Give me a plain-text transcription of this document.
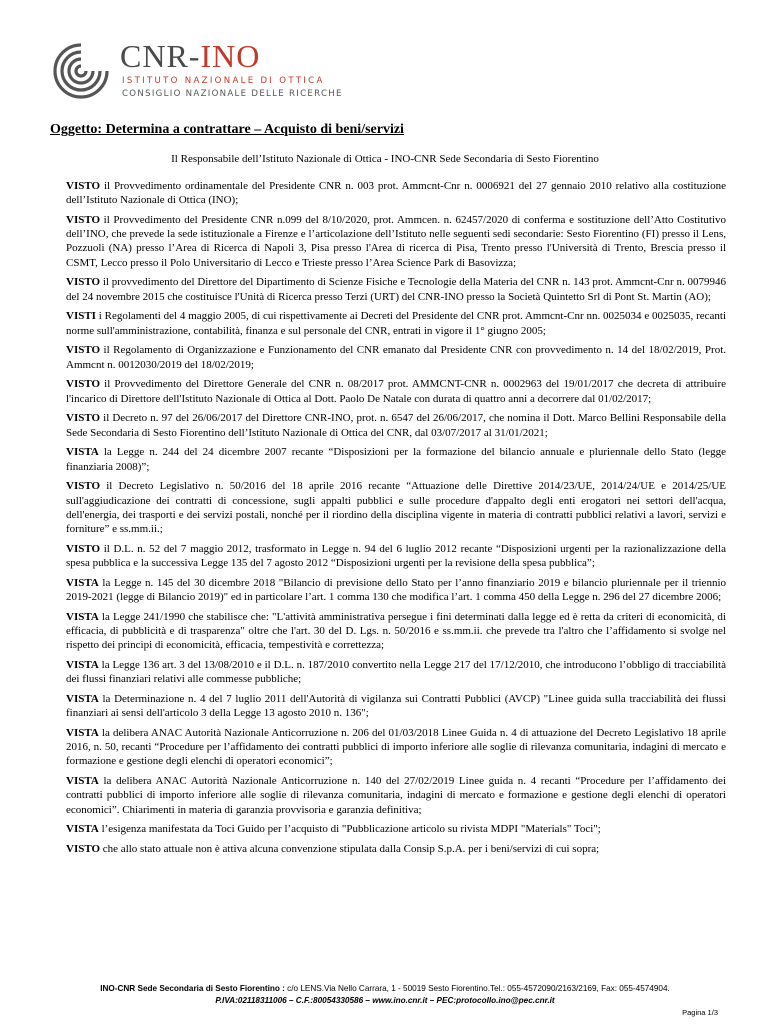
CNR-INO
ISTITUTO NAZIONALE DI OTTICA
CONSIGLIO NAZIONALE DELLE RICERCHE
Oggetto: Determina a contrattare – Acquisto di beni/servizi
Il Responsabile dell’Istituto Nazionale di Ottica - INO-CNR Sede Secondaria di Sesto Fiorentino

VISTO il Provvedimento ordinamentale del Presidente CNR n. 003 prot. Ammcnt-Cnr n. 0006921 del 27 gennaio 2010 relativo alla costituzione dell’Istituto Nazionale di Ottica (INO);

VISTO il Provvedimento del Presidente CNR n.099 del 8/10/2020, prot. Ammcen. n. 62457/2020 di conferma e sostituzione dell’Atto Costitutivo dell’INO, che prevede la sede istituzionale a Firenze e l’articolazione dell’Istituto nelle seguenti sedi secondarie: Sesto Fiorentino (FI) presso il Lens, Pozzuoli (NA) presso l’Area di Ricerca di Napoli 3, Pisa presso l'Area di ricerca di Pisa, Trento presso l'Università di Trento, Brescia presso il CSMT, Lecco presso il Polo Universitario di Lecco e Trieste presso l’Area Science Park di Basovizza;

VISTO il provvedimento del Direttore del Dipartimento di Scienze Fisiche e Tecnologie della Materia del CNR n. 143 prot. Ammcnt-Cnr n. 0079946 del 24 novembre 2015 che costituisce l'Unità di Ricerca presso Terzi (URT) del CNR-INO presso la Società Quintetto Srl di Pont St. Martin (AO);

VISTI i Regolamenti del 4 maggio 2005, di cui rispettivamente ai Decreti del Presidente del CNR prot. Ammcnt-Cnr nn. 0025034 e 0025035, recanti norme sull'amministrazione, contabilità, finanza e sul personale del CNR, entrati in vigore il 1° giugno 2005;

VISTO il Regolamento di Organizzazione e Funzionamento del CNR emanato dal Presidente CNR con provvedimento n. 14 del 18/02/2019, Prot. Ammcnt n. 0012030/2019 del 18/02/2019;

VISTO il Provvedimento del Direttore Generale del CNR n. 08/2017 prot. AMMCNT-CNR n. 0002963 del 19/01/2017 che decreta di attribuire l'incarico di Direttore dell'Istituto Nazionale di Ottica al Dott. Paolo De Natale con durata di quattro anni a decorrere dal 01/02/2017;

VISTO il Decreto n. 97 del 26/06/2017 del Direttore CNR-INO, prot. n. 6547 del 26/06/2017, che nomina il Dott. Marco Bellini Responsabile della Sede Secondaria di Sesto Fiorentino dell’Istituto Nazionale di Ottica del CNR, dal 03/07/2017 al 31/01/2021;

VISTA la Legge n. 244 del 24 dicembre 2007 recante “Disposizioni per la formazione del bilancio annuale e pluriennale dello Stato (legge finanziaria 2008)”;

VISTO il Decreto Legislativo n. 50/2016 del 18 aprile 2016 recante “Attuazione delle Direttive 2014/23/UE, 2014/24/UE e 2014/25/UE sull'aggiudicazione dei contratti di concessione, sugli appalti pubblici e sulle procedure d'appalto degli enti erogatori nei settori dell'acqua, dell'energia, dei trasporti e dei servizi postali, nonché per il riordino della disciplina vigente in materia di contratti pubblici relativi a lavori, servizi e forniture” e ss.mm.ii.;

VISTO il D.L. n. 52 del 7 maggio 2012, trasformato in Legge n. 94 del 6 luglio 2012 recante “Disposizioni urgenti per la razionalizzazione della spesa pubblica e la successiva Legge 135 del 7 agosto 2012 “Disposizioni urgenti per la revisione della spesa pubblica”;

VISTA la Legge n. 145 del 30 dicembre 2018 "Bilancio di previsione dello Stato per l’anno finanziario 2019 e bilancio pluriennale per il triennio 2019-2021 (legge di Bilancio 2019)" ed in particolare l’art. 1 comma 130 che modifica l’art. 1 comma 450 della Legge n. 296 del 27 dicembre 2006;

VISTA la Legge 241/1990 che stabilisce che: "L'attività amministrativa persegue i fini determinati dalla legge ed è retta da criteri di economicità, di efficacia, di pubblicità e di trasparenza" oltre che l'art. 30 del D. Lgs. n. 50/2016 e ss.mm.ii. che prevede tra l'altro che l’affidamento si svolge nel rispetto dei principi di economicità, efficacia, tempestività e correttezza;

VISTA la Legge 136 art. 3 del 13/08/2010 e il D.L. n. 187/2010 convertito nella Legge 217 del 17/12/2010, che introducono l’obbligo di tracciabilità dei flussi finanziari relativi alle commesse pubbliche;

VISTA la Determinazione n. 4 del 7 luglio 2011 dell'Autorità di vigilanza sui Contratti Pubblici (AVCP) "Linee guida sulla tracciabilità dei flussi finanziari ai sensi dell'articolo 3 della Legge 13 agosto 2010 n. 136";

VISTA la delibera ANAC Autorità Nazionale Anticorruzione n. 206 del 01/03/2018 Linee Guida n. 4 di attuazione del Decreto Legislativo 18 aprile 2016, n. 50, recanti “Procedure per l’affidamento dei contratti pubblici di importo inferiore alle soglie di rilevanza comunitaria, indagini di mercato e formazione e gestione degli elenchi di operatori economici”;

VISTA la delibera ANAC Autorità Nazionale Anticorruzione n. 140 del 27/02/2019 Linee guida n. 4 recanti “Procedure per l’affidamento dei contratti pubblici di importo inferiore alle soglie di rilevanza comunitaria, indagini di mercato e formazione e gestione degli elenchi di operatori economici”. Chiarimenti in materia di garanzia provvisoria e garanzia definitiva;

VISTA l’esigenza manifestata da Toci Guido per l’acquisto di "Pubblicazione articolo su rivista MDPI "Materials" Toci";

VISTO che allo stato attuale non è attiva alcuna convenzione stipulata dalla Consip S.p.A. per i beni/servizi di cui sopra;

INO-CNR Sede Secondaria di Sesto Fiorentino : c/o LENS.Via Nello Carrara, 1 - 50019 Sesto Fiorentino.Tel.: 055-4572090/2163/2169, Fax: 055-4574904.
P.IVA:02118311006 – C.F.:80054330586 – www.ino.cnr.it – PEC:protocollo.ino@pec.cnr.it
Pagina 1/3
